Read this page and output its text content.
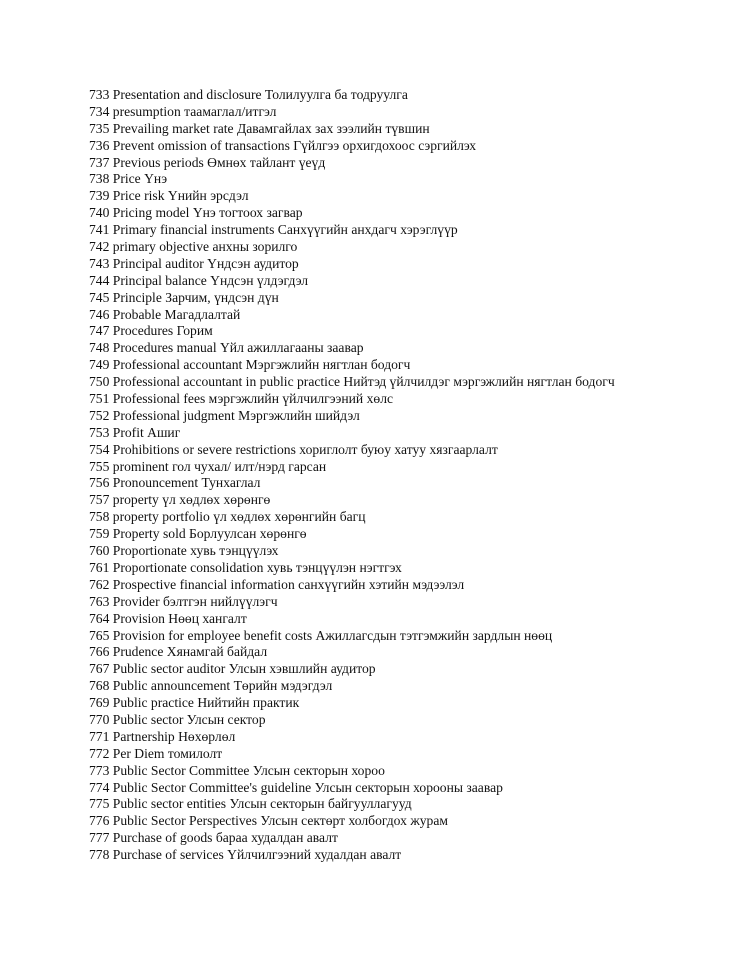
733 Presentation and disclosure Толилуулга ба тодруулга
734 presumption таамаглал/итгэл
735 Prevailing market rate Давамгайлах зах зээлийн түвшин
736 Prevent omission of transactions Гүйлгээ орхигдохоос сэргийлэх
737 Previous periods Өмнөх тайлант үеүд
738 Price Үнэ
739 Price risk Үнийн эрсдэл
740 Pricing model Үнэ тогтоох загвар
741 Primary financial instruments Санхүүгийн анхдагч хэрэглүүр
742 primary objective анхны зорилго
743 Principal auditor Үндсэн аудитор
744 Principal balance Үндсэн үлдэгдэл
745 Principle Зарчим, үндсэн дүн
746 Probable Магадлалтай
747 Procedures Горим
748 Procedures manual Үйл ажиллагааны заавар
749 Professional accountant Мэргэжлийн нягтлан бодогч
750 Professional accountant in public practice Нийтэд үйлчилдэг мэргэжлийн нягтлан бодогч
751 Professional fees мэргэжлийн үйлчилгээний хөлс
752 Professional judgment Мэргэжлийн шийдэл
753 Profit Ашиг
754 Prohibitions or severe restrictions хориглолт буюу хатуу хязгаарлалт
755 prominent гол чухал/ илт/нэрд гарсан
756 Pronouncement Тунхаглал
757 property үл хөдлөх хөрөнгө
758 property portfolio үл хөдлөх хөрөнгийн багц
759 Property sold Борлуулсан хөрөнгө
760 Proportionate хувь тэнцүүлэх
761 Proportionate consolidation хувь тэнцүүлэн нэгтгэх
762 Prospective financial information санхүүгийн хэтийн мэдээлэл
763 Provider бэлтгэн нийлүүлэгч
764 Provision Нөөц хангалт
765 Provision for employee benefit costs Ажиллагсдын тэтгэмжийн зардлын нөөц
766 Prudence Хянамгай байдал
767 Public sector auditor Улсын хэвшлийн аудитор
768 Public announcement Төрийн мэдэгдэл
769 Public practice Нийтийн практик
770 Public sector Улсын сектор
771 Partnership Нөхөрлөл
772 Per Diem томилолт
773 Public Sector Committee Улсын секторын хороо
774 Public Sector Committee's guideline Улсын секторын хорооны заавар
775 Public sector entities Улсын секторын байгууллагууд
776 Public Sector Perspectives Улсын сектөрт холбогдох журам
777 Purchase of goods бараа худалдан авалт
778 Purchase of services Үйлчилгээний худалдан авалт
